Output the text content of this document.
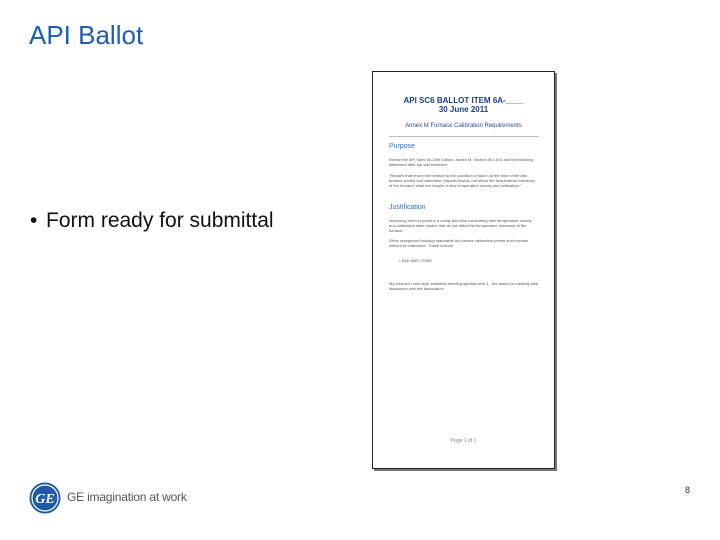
API Ballot
• Form ready for submittal
API SC6 BALLOT ITEM 6A-____
30 June 2011
Annex M Furnace Calibration Requirements
Purpose
Revise the API Spec 6A 20th Edition, Annex M, Section M.3.5 to add the following statement after the last sentence:
"Repairs that return the furnace to the condition it was in at the time of the last furnace survey and calibration (repairs that do not affect the temperature tolerance of the furnace) shall not require a new temperature survey and calibration."
Justification
Improving need to perform a costly and time consuming new temperature survey and calibration after repairs that do not affect the temperature tolerance of the furnace.
Other recognized industry standards for furnace calibration permit such repairs without re-calibration. These include:
• SAE AMS 2750D
My friends in new style submittal meeting agenda item 1 - the author in meeting web discussion with the association
Page 1 of 1
GE GE imagination at work	8
